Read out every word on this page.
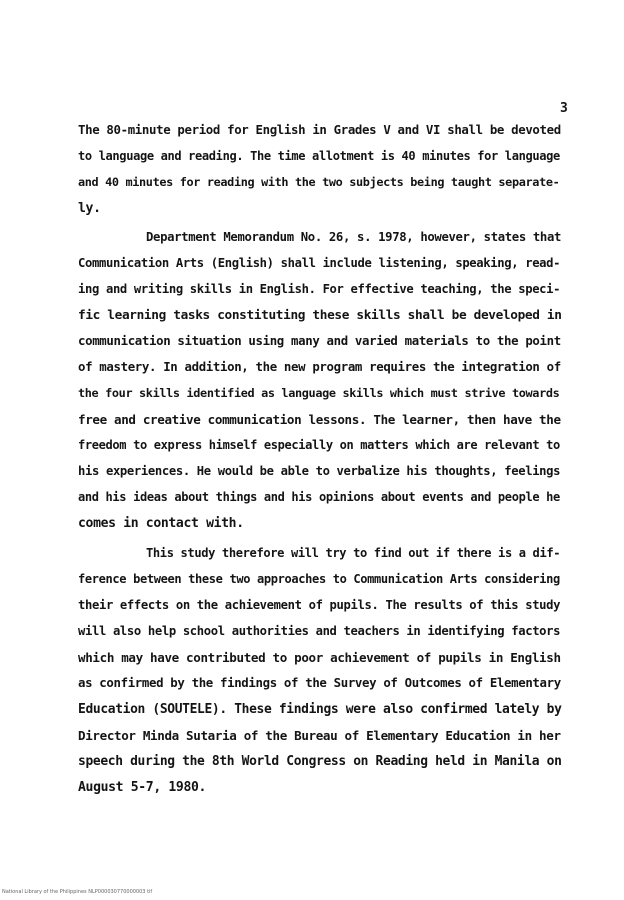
3
The 80-minute period for English in Grades V and VI shall be devoted
to language and reading. The time allotment is 40 minutes for language
and 40 minutes for reading with the two subjects being taught separate-
ly.
Department Memorandum No. 26, s. 1978, however, states that
Communication Arts (English) shall include listening, speaking, read-
ing and writing skills in English. For effective teaching, the speci-
fic learning tasks constituting these skills shall be developed in
communication situation using many and varied materials to the point
of mastery. In addition, the new program requires the integration of
the four skills identified as language skills which must strive towards
free and creative communication lessons. The learner, then have the
freedom to express himself especially on matters which are relevant to
his experiences. He would be able to verbalize his thoughts, feelings
and his ideas about things and his opinions about events and people he
comes in contact with.
This study therefore will try to find out if there is a dif-
ference between these two approaches to Communication Arts considering
their effects on the achievement of pupils. The results of this study
will also help school authorities and teachers in identifying factors
which may have contributed to poor achievement of pupils in English
as confirmed by the findings of the Survey of Outcomes of Elementary
Education (SOUTELE). These findings were also confirmed lately by
Director Minda Sutaria of the Bureau of Elementary Education in her
speech during the 8th World Congress on Reading held in Manila on
August 5-7, 1980.
National Library of the Philippines NLP000030770000003 tif
